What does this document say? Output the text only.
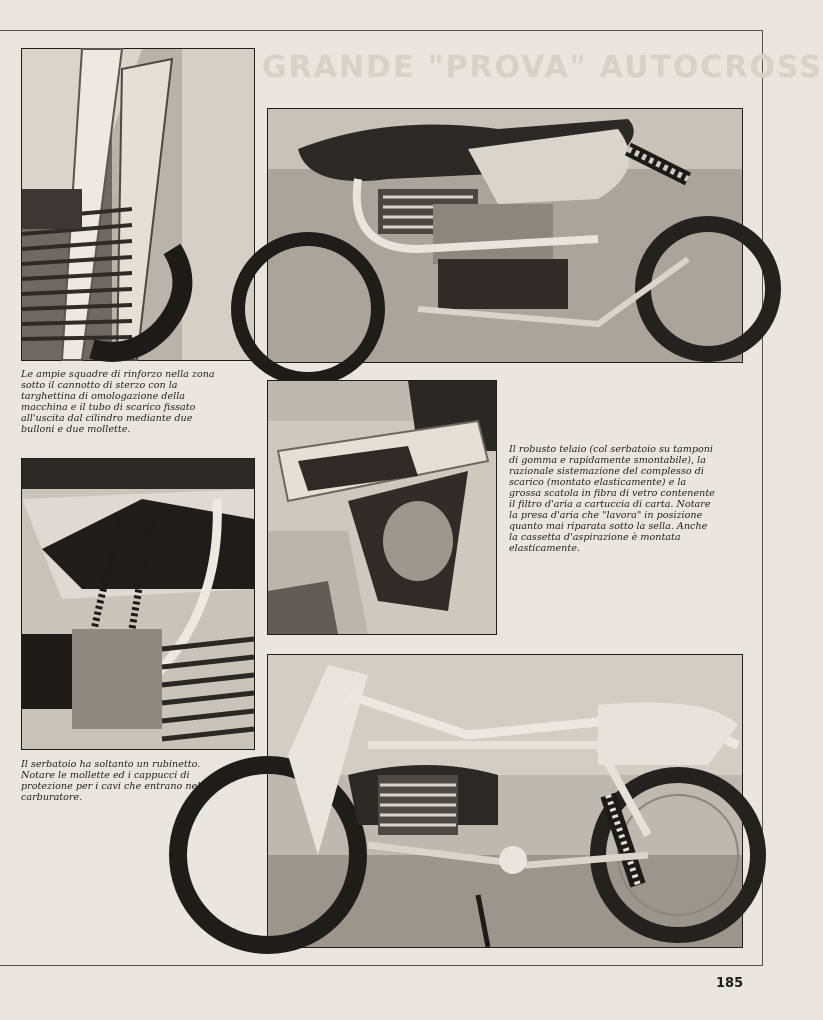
GRANDE "PROVA" AUTOCROSS

Le ampie squadre di rinforzo nella zona
sotto il cannotto di sterzo con la
targhettina di omologazione della
macchina e il tubo di scarico fissato
all'uscita dal cilindro mediante due
bulloni e due mollette.

Il robusto telaio (col serbatoio su tamponi
di gomma e rapidamente smontabile), la
razionale sistemazione del complesso di
scarico (montato elasticamente) e la
grossa scatola in fibra di vetro contenente
il filtro d'aria a cartuccia di carta. Notare
la presa d'aria che "lavora" in posizione
quanto mai riparata sotto la sella. Anche
la cassetta d'aspirazione è montata
elasticamente.

Il serbatoio ha soltanto un rubinetto.
Notare le mollette ed i cappucci di
protezione per i cavi che entrano nel
carburatore.

185
